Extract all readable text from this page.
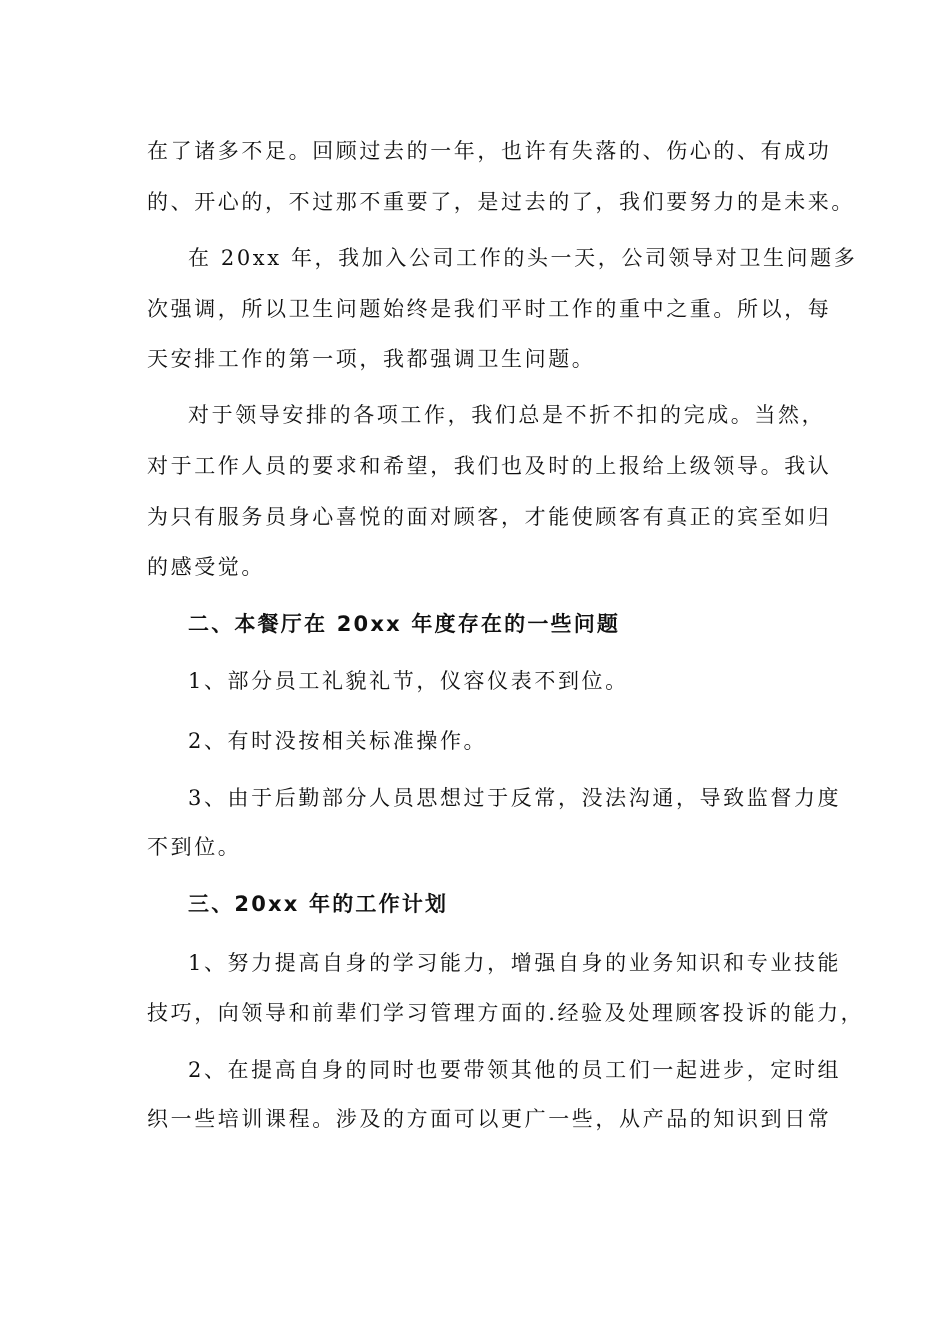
在了诸多不足。回顾过去的一年，也许有失落的、伤心的、有成功
的、开心的，不过那不重要了，是过去的了，我们要努力的是未来。
在 20xx 年，我加入公司工作的头一天，公司领导对卫生问题多
次强调，所以卫生问题始终是我们平时工作的重中之重。所以，每
天安排工作的第一项，我都强调卫生问题。
对于领导安排的各项工作，我们总是不折不扣的完成。当然，
对于工作人员的要求和希望，我们也及时的上报给上级领导。我认
为只有服务员身心喜悦的面对顾客，才能使顾客有真正的宾至如归
的感受觉。
二、本餐厅在 20xx 年度存在的一些问题
1、部分员工礼貌礼节，仪容仪表不到位。
2、有时没按相关标准操作。
3、由于后勤部分人员思想过于反常，没法沟通，导致监督力度
不到位。
三、20xx 年的工作计划
1、努力提高自身的学习能力，增强自身的业务知识和专业技能
技巧，向领导和前辈们学习管理方面的.经验及处理顾客投诉的能力，
2、在提高自身的同时也要带领其他的员工们一起进步，定时组
织一些培训课程。涉及的方面可以更广一些，从产品的知识到日常
